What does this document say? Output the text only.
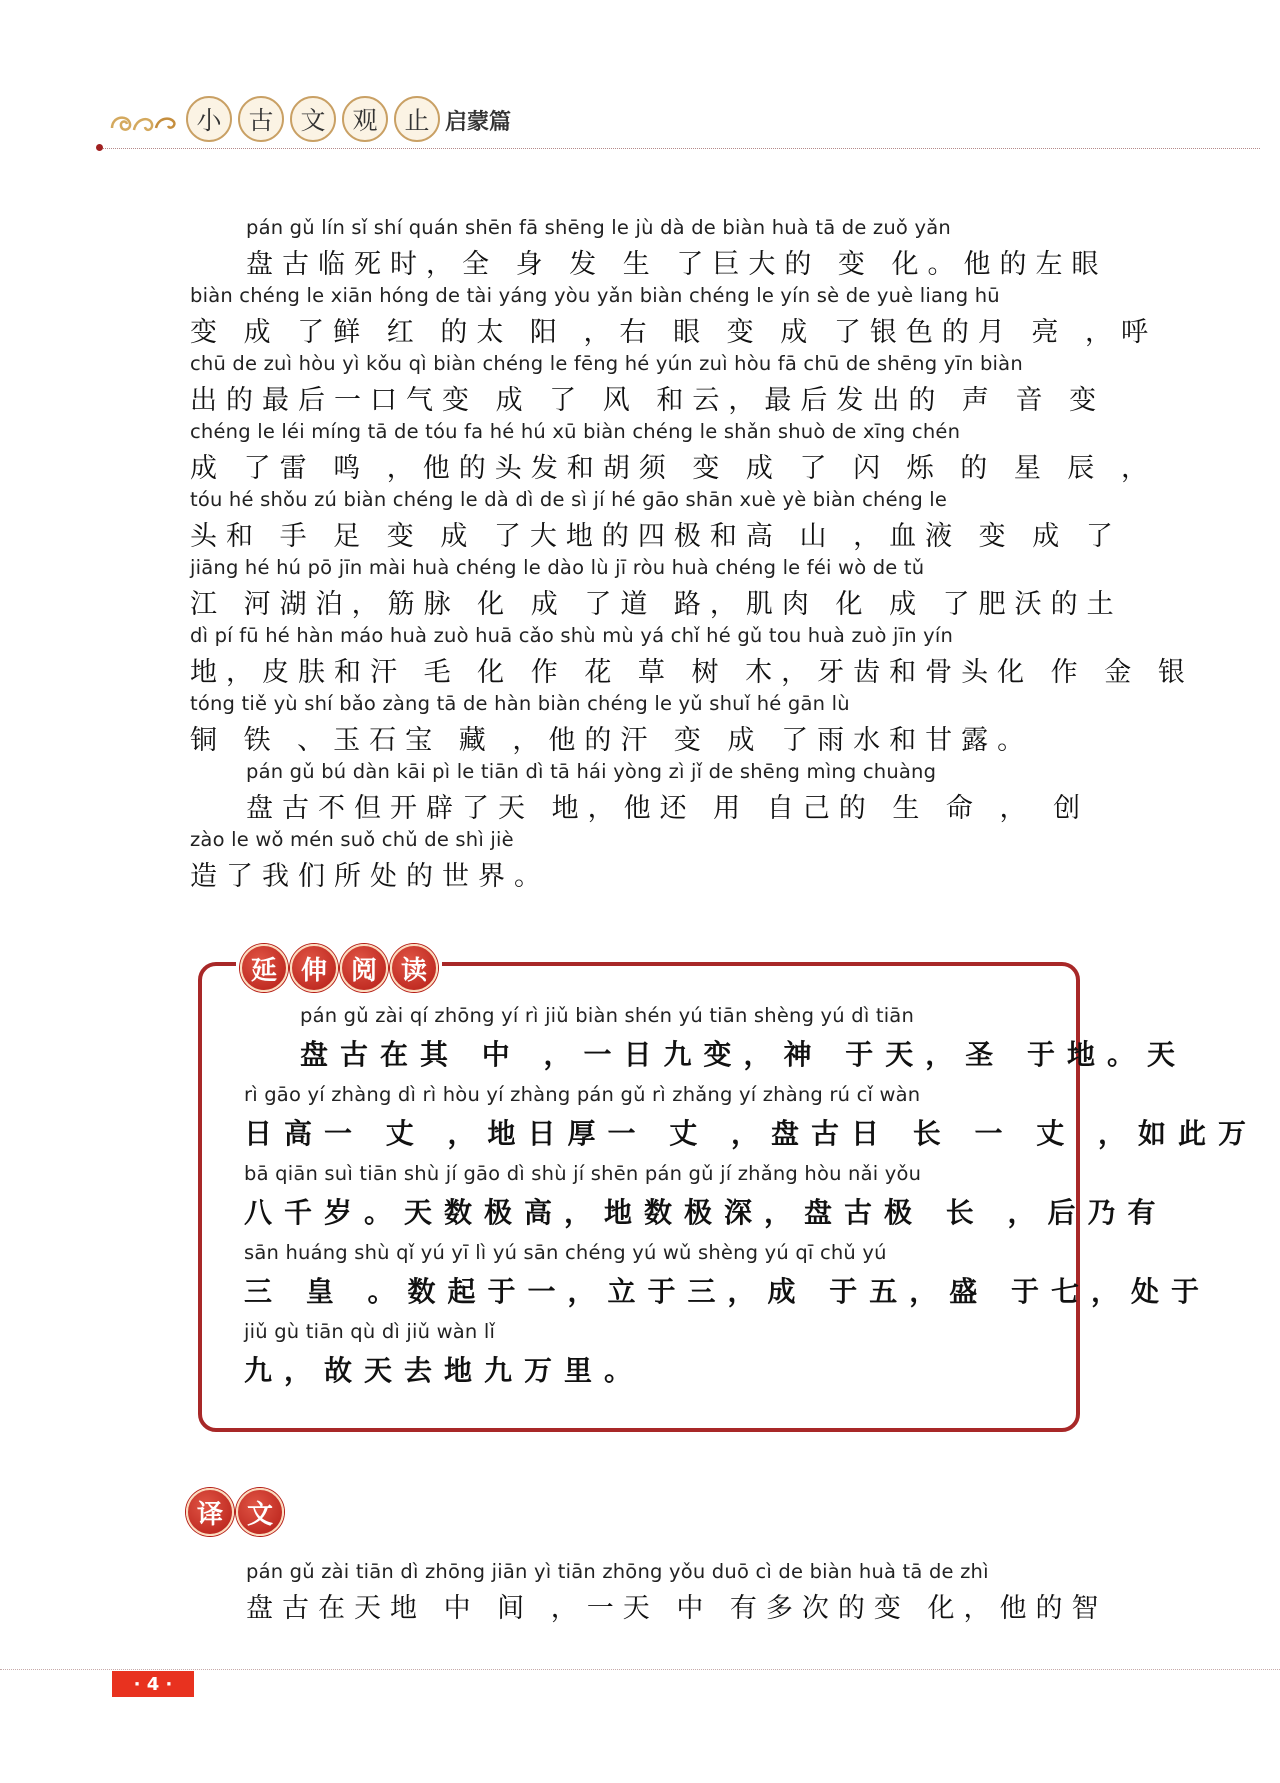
小	古	文	观	止 启蒙篇
pán gǔ lín sǐ shí quán shēn fā shēng le jù dà de biàn huà tā de zuǒ yǎn
盘古临死时，全 身 发 生 了巨大的 变 化。他的左眼
biàn chéng le xiān hóng de tài yáng yòu yǎn biàn chéng le yín sè de yuè liang hū
变 成 了鲜 红 的太 阳 ，右 眼 变 成 了银色的月 亮 ，呼
chū de zuì hòu yì kǒu qì biàn chéng le fēng hé yún zuì hòu fā chū de shēng yīn biàn
出的最后一口气变 成 了 风 和云，最后发出的 声 音 变
chéng le léi míng tā de tóu fa hé hú xū biàn chéng le shǎn shuò de xīng chén
成 了雷 鸣 ，他的头发和胡须 变 成 了 闪 烁 的 星 辰 ，
tóu hé shǒu zú biàn chéng le dà dì de sì jí hé gāo shān xuè yè biàn chéng le
头和 手 足 变 成 了大地的四极和高 山 ，血液 变 成 了
jiāng hé hú pō jīn mài huà chéng le dào lù jī ròu huà chéng le féi wò de tǔ
江 河湖泊，筋脉 化 成 了道 路，肌肉 化 成 了肥沃的土
dì pí fū hé hàn máo huà zuò huā cǎo shù mù yá chǐ hé gǔ tou huà zuò jīn yín
地，皮肤和汗 毛 化 作 花 草 树 木，牙齿和骨头化 作 金 银
tóng tiě yù shí bǎo zàng tā de hàn biàn chéng le yǔ shuǐ hé gān lù
铜 铁 、玉石宝 藏 ，他的汗 变 成 了雨水和甘露。
pán gǔ bú dàn kāi pì le tiān dì tā hái yòng zì jǐ de shēng mìng chuàng
盘古不但开辟了天 地，他还 用 自己的 生 命 ， 创
zào le wǒ mén suǒ chǔ de shì jiè
造了我们所处的世界。
延 伸 阅 读
pán gǔ zài qí zhōng yí rì jiǔ biàn shén yú tiān shèng yú dì tiān
盘古在其 中 ，一日九变，神 于天，圣 于地。天
rì gāo yí zhàng dì rì hòu yí zhàng pán gǔ rì zhǎng yí zhàng rú cǐ wàn
日高一 丈 ，地日厚一 丈 ，盘古日 长 一 丈 ，如此万
bā qiān suì tiān shù jí gāo dì shù jí shēn pán gǔ jí zhǎng hòu nǎi yǒu
八千岁。天数极高，地数极深，盘古极 长 ，后乃有
sān huáng shù qǐ yú yī lì yú sān chéng yú wǔ shèng yú qī chǔ yú
三 皇 。数起于一，立于三，成 于五，盛 于七，处于
jiǔ gù tiān qù dì jiǔ wàn lǐ
九，故天去地九万里。
译 文
pán gǔ zài tiān dì zhōng jiān yì tiān zhōng yǒu duō cì de biàn huà tā de zhì
盘古在天地 中 间 ，一天 中 有多次的变 化，他的智
· 4 ·
